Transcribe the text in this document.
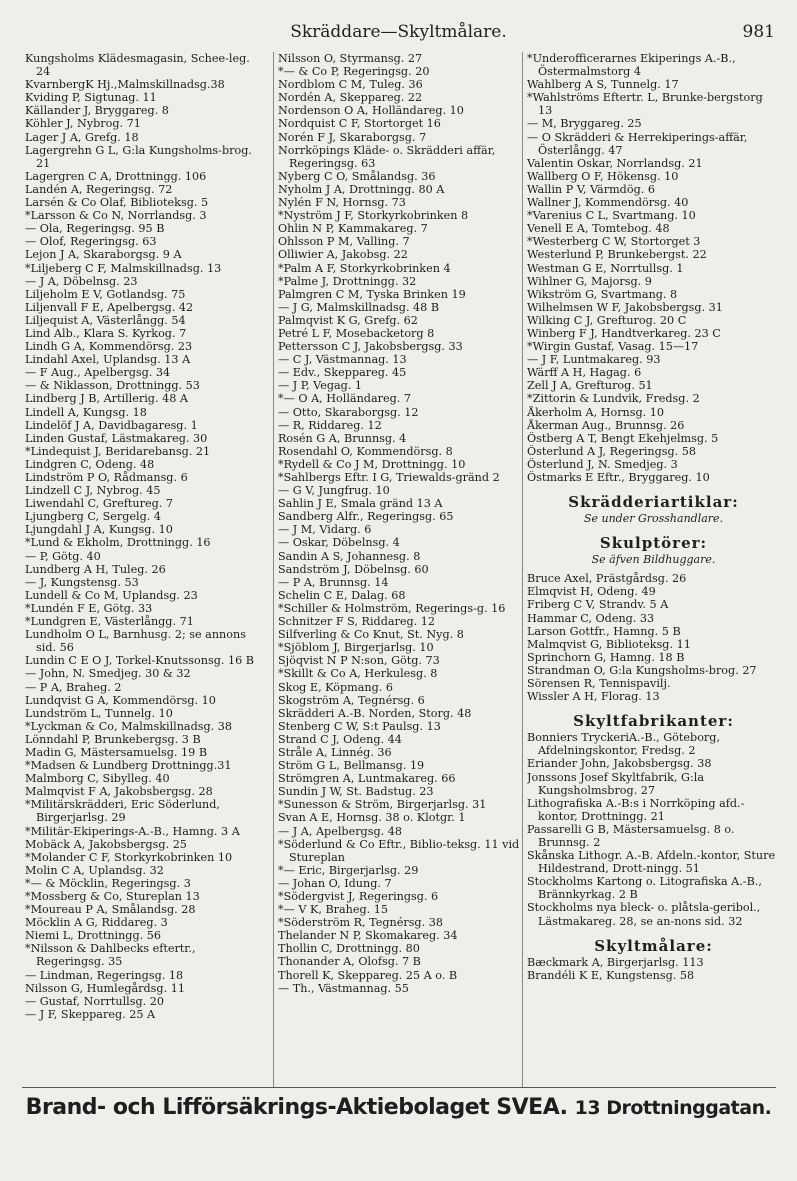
Skräddare—Skyltmålare.	981
Kungsholms Klädesmagasin, Schee-leg. 24
KvarnbergK Hj.,Malmskillnadsg.38
Kviding P, Sigtunag. 11
Källander J, Bryggareg. 8
Köhler J, Nybrog. 71
Lager J A, Grefg. 18
Lagergrehn G L, G:la Kungsholms-brog. 21
Lagergren C A, Drottningg. 106
Landén A, Regeringsg. 72
Larsén & Co Olaf, Biblioteksg. 5
*Larsson & Co N, Norrlandsg. 3
— Ola, Regeringsg. 95 B
— Olof, Regeringsg. 63
Lejon J A, Skaraborgsg. 9 A
*Liljeberg C F, Malmskillnadsg. 13
— J A, Döbelnsg. 23
Liljeholm E V, Gotlandsg. 75
Liljenvall F E, Apelbergsg. 42
Liljequist A, Västerlångg. 54
Lind Alb., Klara S. Kyrkog. 7
Lindh G A, Kommendörsg. 23
Lindahl Axel, Uplandsg. 13 A
— F Aug., Apelbergsg. 34
— & Niklasson, Drottningg. 53
Lindberg J B, Artillerig. 48 A
Lindell A, Kungsg. 18
Lindelöf J A, Davidbagaresg. 1
Linden Gustaf, Lästmakareg. 30
*Lindequist J, Beridarebansg. 21
Lindgren C, Odeng. 48
Lindström P O, Rådmansg. 6
Lindzell C J, Nybrog. 45
Liwendahl C, Greftureg. 7
Ljungberg C, Sergelg. 4
Ljungdahl J A, Kungsg. 10
*Lund & Ekholm, Drottningg. 16
— P, Götg. 40
Lundberg A H, Tuleg. 26
— J, Kungstensg. 53
Lundell & Co M, Uplandsg. 23
*Lundén F E, Götg. 33
*Lundgren E, Västerlångg. 71
Lundholm O L, Barnhusg. 2; se annons sid. 56
Lundin C E O J, Torkel-Knutssonsg. 16 B
— John, N. Smedjeg. 30 & 32
— P A, Braheg. 2
Lundqvist G A, Kommendörsg. 10
Lundström L, Tunnelg. 10
*Lyckman & Co, Malmskillnadsg. 38
Lönndahl P, Brunkebergsg. 3 B
Madin G, Mästersamuelsg. 19 B
*Madsen & Lundberg Drottningg.31
Malmborg C, Sibylleg. 40
Malmqvist F A, Jakobsbergsg. 28
*Militärskrädderi, Eric Söderlund, Birgerjarlsg. 29
*Militär-Ekiperings-A.-B., Hamng. 3 A
Mobäck A, Jakobsbergsg. 25
*Molander C F, Storkyrkobrinken 10
Molin C A, Uplandsg. 32
*— & Möcklin, Regeringsg. 3
*Mossberg & Co, Stureplan 13
*Moureau P A, Smålandsg. 28
Möcklin A G, Riddareg. 3
Niemi L, Drottningg. 56
*Nilsson & Dahlbecks eftertr., Regeringsg. 35
— Lindman, Regeringsg. 18
Nilsson G, Humlegårdsg. 11
— Gustaf, Norrtullsg. 20
— J F, Skeppareg. 25 A
Nilsson O, Styrmansg. 27
*— & Co P, Regeringsg. 20
Nordblom C M, Tuleg. 36
Nordén A, Skeppareg. 22
Nordenson O A, Holländareg. 10
Nordquist C F, Stortorget 16
Norén F J, Skaraborgsg. 7
Norrköpings Kläde- o. Skrädderi affär, Regeringsg. 63
Nyberg C O, Smålandsg. 36
Nyholm J A, Drottningg. 80 A
Nylén F N, Hornsg. 73
*Nyström J F, Storkyrkobrinken 8
Ohlin N P, Kammakareg. 7
Ohlsson P M, Valling. 7
Olliwier A, Jakobsg. 22
*Palm A F, Storkyrkobrinken 4
*Palme J, Drottningg. 32
Palmgren C M, Tyska Brinken 19
— J G, Malmskillnadsg. 48 B
Palmqvist K G, Grefg. 62
Petré L F, Mosebacketorg 8
Pettersson C J, Jakobsbergsg. 33
— C J, Västmannag. 13
— Edv., Skeppareg. 45
— J P, Vegag. 1
*— O A, Holländareg. 7
— Otto, Skaraborgsg. 12
— R, Riddareg. 12
Rosén G A, Brunnsg. 4
Rosendahl O, Kommendörsg. 8
*Rydell & Co J M, Drottningg. 10
*Sahlbergs Eftr. I G, Triewalds-gränd 2
— G V, Jungfrug. 10
Sahlin J E, Smala gränd 13 A
Sandberg Alfr., Regeringsg. 65
— J M, Vidarg. 6
— Oskar, Döbelnsg. 4
Sandin A S, Johannesg. 8
Sandström J, Döbelnsg. 60
— P A, Brunnsg. 14
Schelin C E, Dalag. 68
*Schiller & Holmström, Regerings-g. 16
Schnitzer F S, Riddareg. 12
Silfverling & Co Knut, St. Nyg. 8
*Sjöblom J, Birgerjarlsg. 10
Sjöqvist N P N:son, Götg. 73
*Skillt & Co A, Herkulesg. 8
Skog E, Köpmang. 6
Skogström A, Tegnérsg. 6
Skrädderi A.-B. Norden, Storg. 48
Stenberg C W, S:t Paulsg. 13
Strand C J, Odeng. 44
Stråle A, Linnég. 36
Ström G L, Bellmansg. 19
Strömgren A, Luntmakareg. 66
Sundin J W, St. Badstug. 23
*Sunesson & Ström, Birgerjarlsg. 31
Svan A E, Hornsg. 38 o. Klotgr. 1
— J A, Apelbergsg. 48
*Söderlund & Co Eftr., Biblio-teksg. 11 vid Stureplan
*— Eric, Birgerjarlsg. 29
— Johan O, Idung. 7
*Södergvist J, Regeringsg. 6
*— V K, Braheg. 15
*Söderström R, Tegnérsg. 38
Thelander N P, Skomakareg. 34
Thollin C, Drottningg. 80
Thonander A, Olofsg. 7 B
Thorell K, Skeppareg. 25 A o. B
— Th., Västmannag. 55
*Underofficerarnes Ekiperings A.-B., Östermalmstorg 4
Wahlberg A S, Tunnelg. 17
*Wahlströms Eftertr. L, Brunke-bergstorg 13
— M, Bryggareg. 25
— O Skrädderi & Herrekiperings-affär, Österlångg. 47
Valentin Oskar, Norrlandsg. 21
Wallberg O F, Hökensg. 10
Wallin P V, Värmdög. 6
Wallner J, Kommendörsg. 40
*Varenius C L, Svartmang. 10
Venell E A, Tomtebog. 48
*Westerberg C W, Stortorget 3
Westerlund P, Brunkebergst. 22
Westman G E, Norrtullsg. 1
Wihlner G, Majorsg. 9
Wikström G, Svartmang. 8
Wilhelmsen W F, Jakobsbergsg. 31
Wilking C J, Grefturog. 20 C
Winberg F J, Handtverkareg. 23 C
*Wirgin Gustaf, Vasag. 15—17
— J F, Luntmakareg. 93
Wärff A H, Hagag. 6
Zell J A, Grefturog. 51
*Zittorin & Lundvik, Fredsg. 2
Åkerholm A, Hornsg. 10
Åkerman Aug., Brunnsg. 26
Östberg A T, Bengt Ekehjelmsg. 5
Österlund A J, Regeringsg. 58
Österlund J, N. Smedjeg. 3
Östmarks E Eftr., Bryggareg. 10
Skrädderiartiklar:
Se under Grosshandlare.
Skulptörer:
Se äfven Bildhuggare.
Bruce Axel, Prästgårdsg. 26
Elmqvist H, Odeng. 49
Friberg C V, Strandv. 5 A
Hammar C, Odeng. 33
Larson Gottfr., Hamng. 5 B
Malmqvist G, Biblioteksg. 11
Sprinchorn G, Hamng. 18 B
Strandman O, G:la Kungsholms-brog. 27
Sörensen R, Tennispavilj.
Wissler A H, Florag. 13
Skyltfabrikanter:
Bonniers TryckeriA.-B., Göteborg, Afdelningskontor, Fredsg. 2
Eriander John, Jakobsbergsg. 38
Jonssons Josef Skyltfabrik, G:la Kungsholmsbrog. 27
Lithografiska A.-B:s i Norrköping afd.-kontor, Drottningg. 21
Passarelli G B, Mästersamuelsg. 8 o. Brunnsg. 2
Skånska Lithogr. A.-B. Afdeln.-kontor, Sture Hildestrand, Drott-ningg. 51
Stockholms Kartong o. Litografiska A.-B., Brännkyrkag. 2 B
Stockholms nya bleck- o. plåtsla-geribol., Lästmakareg. 28, se an-nons sid. 32
Skyltmålare:
Bæckmark A, Birgerjarlsg. 113
Brandéli K E, Kungstensg. 58
Brand- och Lifförsäkrings-Aktiebolaget SVEA. 13 Drottninggatan.
